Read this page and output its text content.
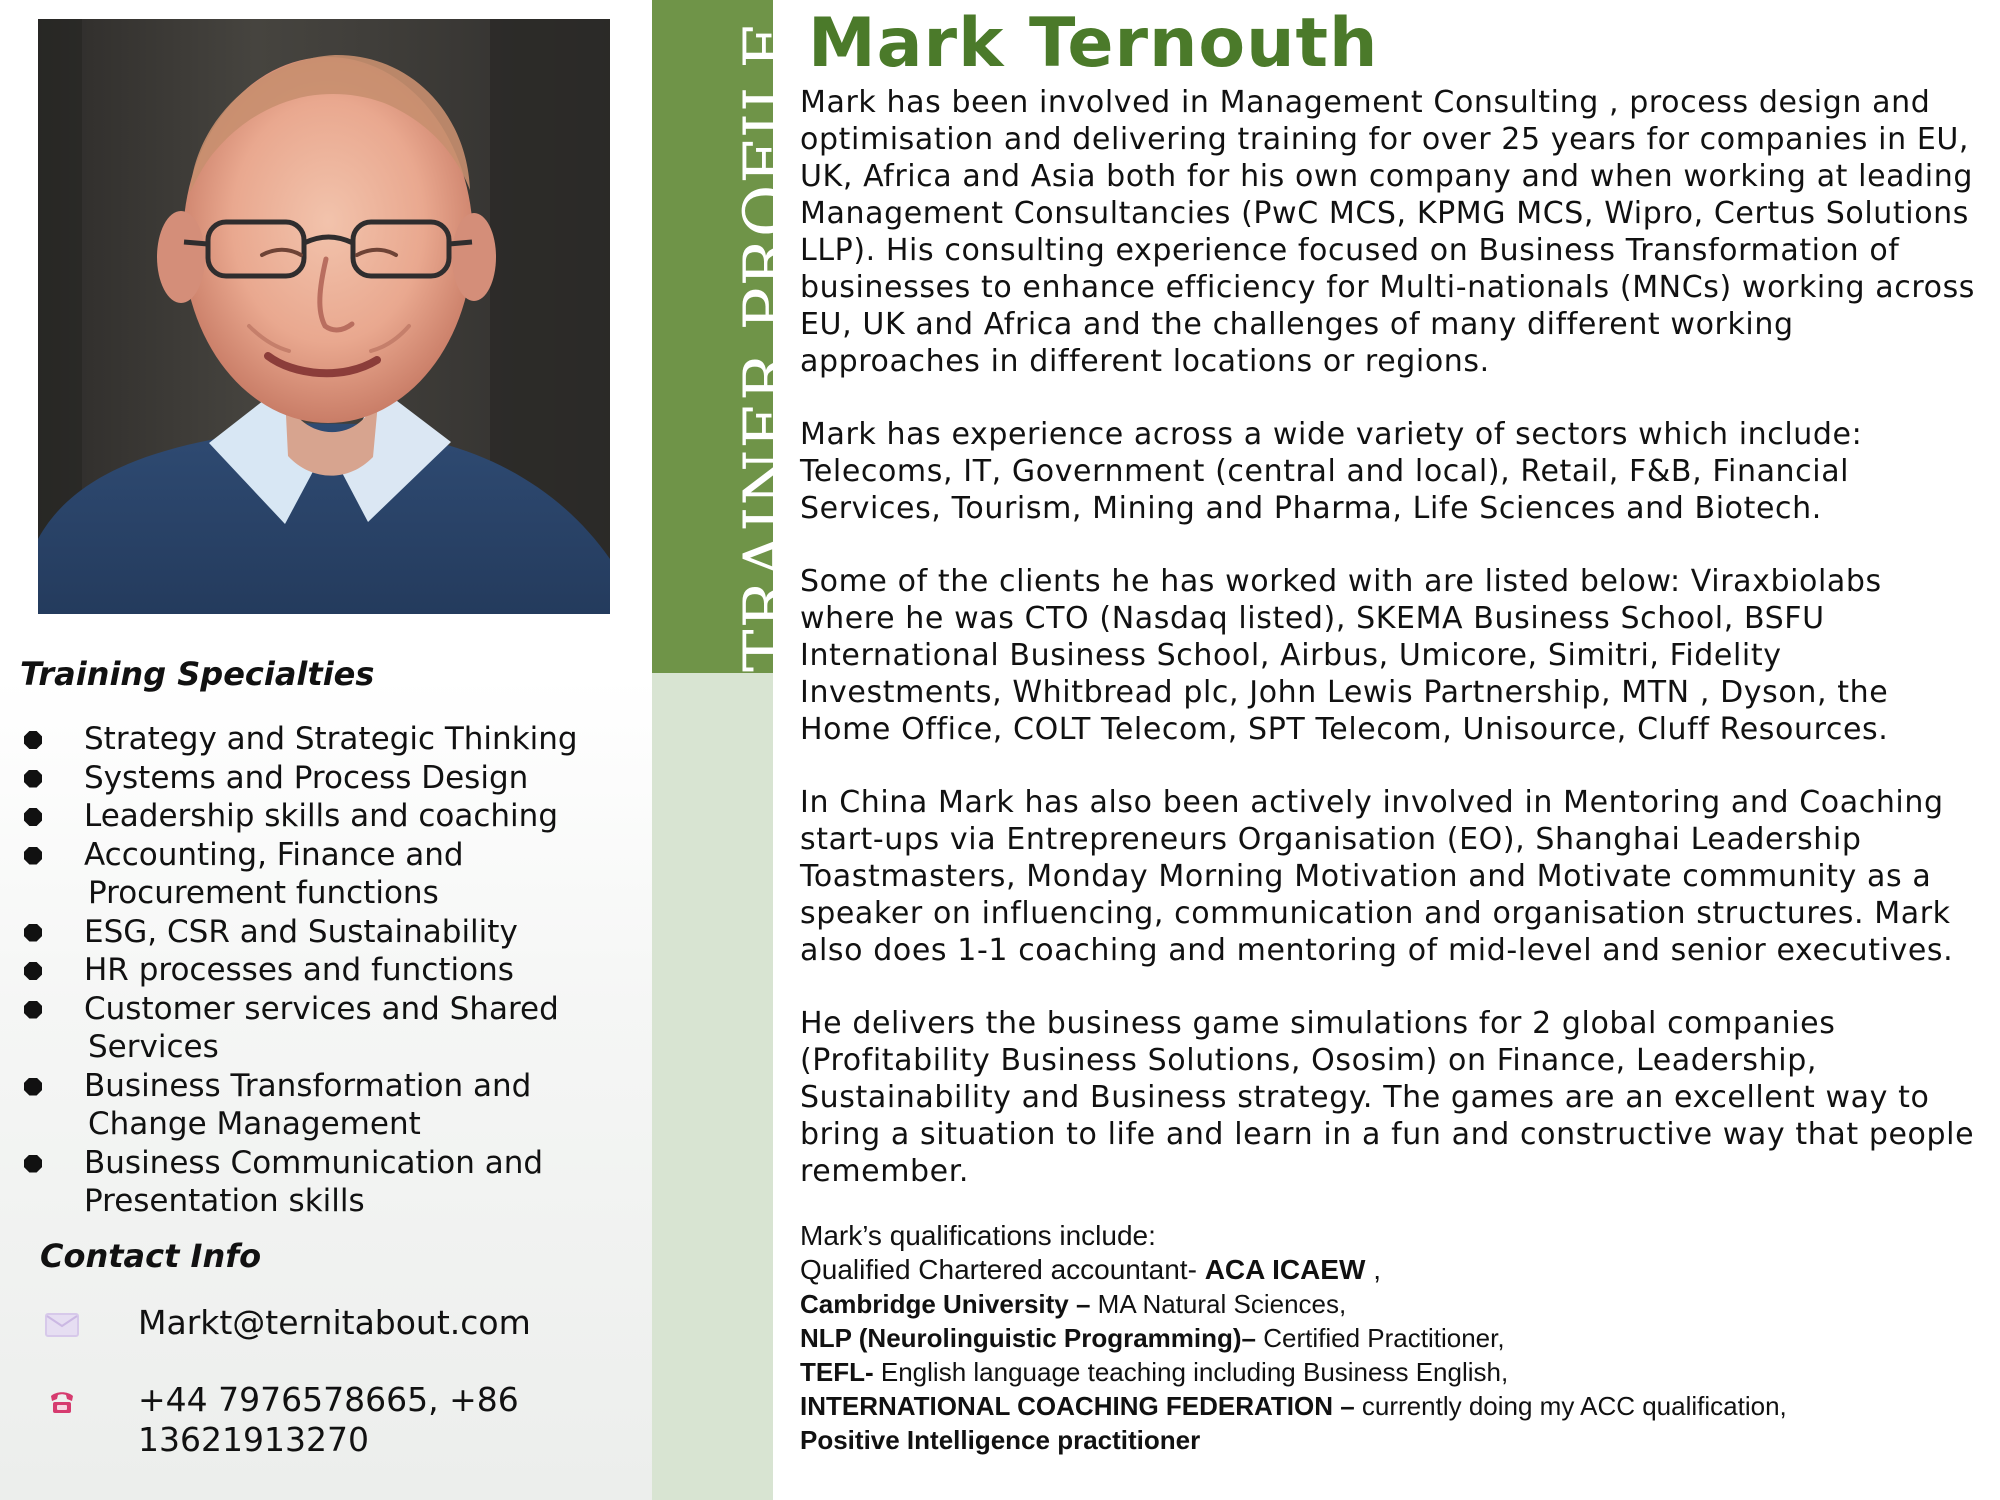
Training Specialties
Strategy and Strategic Thinking
Systems and Process Design
Leadership skills and coaching
Accounting, Finance and
Procurement functions
ESG, CSR and Sustainability
HR processes and functions
Customer services and Shared
Services
Business Transformation and
Change Management
Business Communication and
Presentation skills
Contact Info
Markt@ternitabout.com
+44 7976578665, +86
13621913270
TRAINER PROFILE Mark Ternouth

Mark has been involved in Management Consulting , process design and optimisation and delivering training for over 25 years for companies in EU, UK, Africa and Asia both for his own company and when working at leading Management Consultancies (PwC MCS, KPMG MCS, Wipro, Certus Solutions LLP). His consulting experience focused on Business Transformation of businesses to enhance efficiency for Multi-nationals (MNCs) working across EU, UK and Africa and the challenges of many different working approaches in different locations or regions.

Mark has experience across a wide variety of sectors which include: Telecoms, IT, Government (central and local), Retail, F&B, Financial Services, Tourism, Mining and Pharma, Life Sciences and Biotech.

Some of the clients he has worked with are listed below: Viraxbiolabs where he was CTO (Nasdaq listed), SKEMA Business School, BSFU International Business School, Airbus, Umicore, Simitri, Fidelity Investments, Whitbread plc, John Lewis Partnership, MTN , Dyson, the Home Office, COLT Telecom, SPT Telecom, Unisource, Cluff Resources.

In China Mark has also been actively involved in Mentoring and Coaching start-ups via Entrepreneurs Organisation (EO), Shanghai Leadership Toastmasters, Monday Morning Motivation and Motivate community as a speaker on influencing, communication and organisation structures. Mark also does 1-1 coaching and mentoring of mid-level and senior executives.

He delivers the business game simulations for 2 global companies (Profitability Business Solutions, Ososim) on Finance, Leadership, Sustainability and Business strategy. The games are an excellent way to bring a situation to life and learn in a fun and constructive way that people remember.

Mark’s qualifications include:
Qualified Chartered accountant- ACA ICAEW ,
Cambridge University – MA Natural Sciences,
NLP (Neurolinguistic Programming)– Certified Practitioner,
TEFL- English language teaching including Business English,
INTERNATIONAL COACHING FEDERATION – currently doing my ACC qualification,
Positive Intelligence practitioner
